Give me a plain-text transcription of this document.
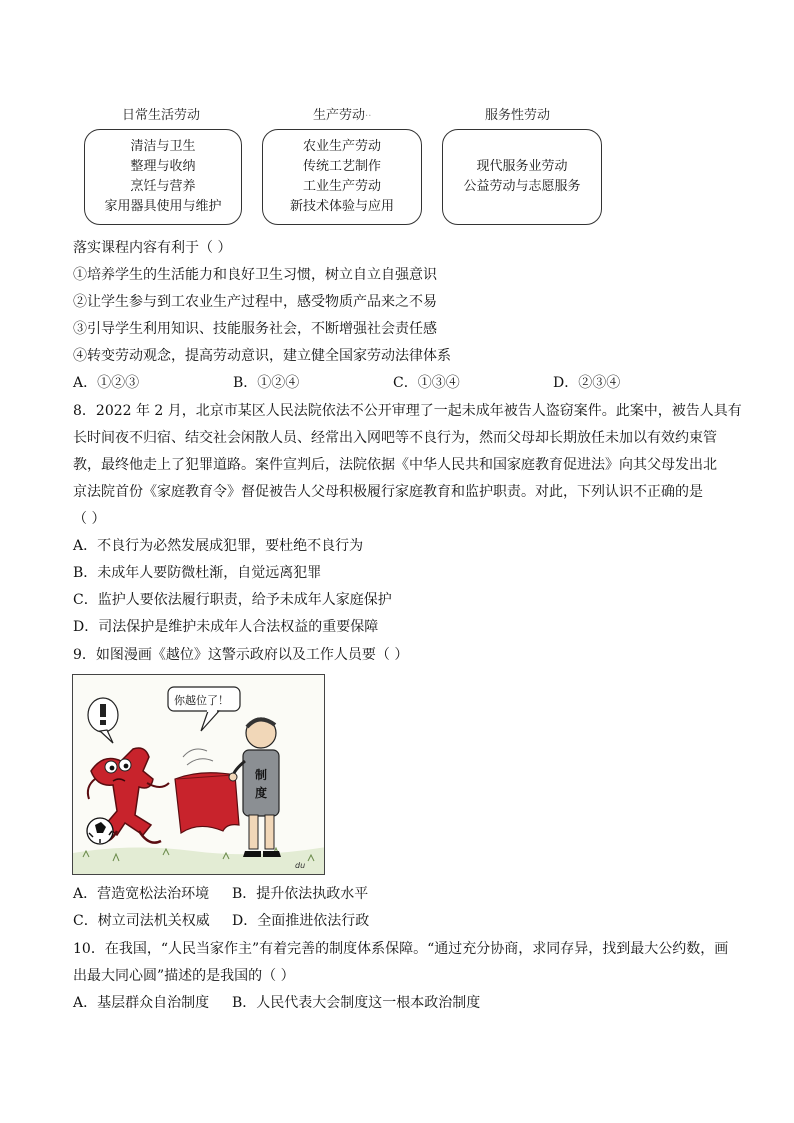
日常生活劳动	生产劳动··	服务性劳动
清洁与卫生
整理与收纳
烹饪与营养
家用器具使用与维护
农业生产劳动
传统工艺制作
工业生产劳动
新技术体验与应用
现代服务业劳动
公益劳动与志愿服务
落实课程内容有利于（ ）
①培养学生的生活能力和良好卫生习惯，树立自立自强意识
②让学生参与到工农业生产过程中，感受物质产品来之不易
③引导学生利用知识、技能服务社会，不断增强社会责任感
④转变劳动观念，提高劳动意识，建立健全国家劳动法律体系
A．①②③	B．①②④	C．①③④	D．②③④
8．2022 年 2 月，北京市某区人民法院依法不公开审理了一起未成年被告人盗窃案件。此案中，被告人具有
长时间夜不归宿、结交社会闲散人员、经常出入网吧等不良行为，然而父母却长期放任未加以有效约束管
教，最终他走上了犯罪道路。案件宣判后，法院依据《中华人民共和国家庭教育促进法》向其父母发出北
京法院首份《家庭教育令》督促被告人父母积极履行家庭教育和监护职责。对此，下列认识不正确的是
（ ）
A．不良行为必然发展成犯罪，要杜绝不良行为
B．未成年人要防微杜渐，自觉远离犯罪
C．监护人要依法履行职责，给予未成年人家庭保护
D．司法保护是维护未成年人合法权益的重要保障
9．如图漫画《越位》这警示政府以及工作人员要（ ）
你越位了！
制
度
du
A．营造宽松法治环境 B．提升依法执政水平
C．树立司法机关权威 D．全面推进依法行政
10．在我国，“人民当家作主”有着完善的制度体系保障。“通过充分协商，求同存异，找到最大公约数，画
出最大同心圆”描述的是我国的（ ）
A．基层群众自治制度 B．人民代表大会制度这一根本政治制度
